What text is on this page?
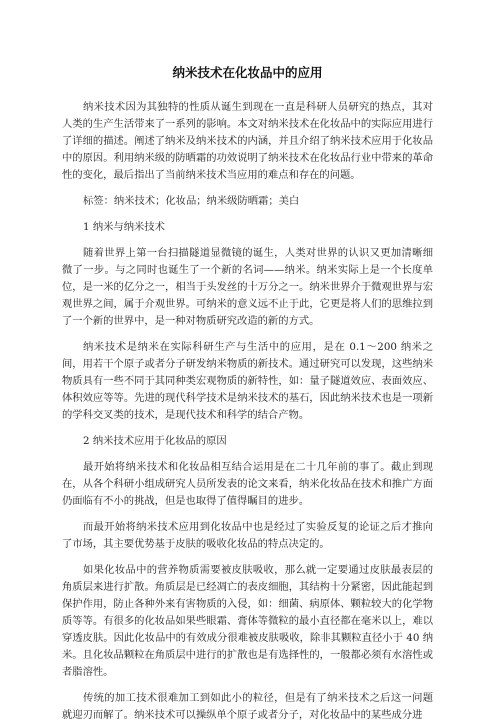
纳米技术在化妆品中的应用

纳米技术因为其独特的性质从诞生到现在一直是科研人员研究的热点，其对人类的生产生活带来了一系列的影响。本文对纳米技术在化妆品中的实际应用进行了详细的描述。阐述了纳米及纳米技术的内涵，并且介绍了纳米技术应用于化妆品中的原因。利用纳米级的防晒霜的功效说明了纳米技术在化妆品行业中带来的革命性的变化，最后指出了当前纳米技术当应用的难点和存在的问题。

标签：纳米技术；化妆品；纳米级防晒霜；美白

1 纳米与纳米技术

随着世界上第一台扫描隧道显微镜的诞生，人类对世界的认识又更加清晰细微了一步。与之同时也诞生了一个新的名词——纳米。纳米实际上是一个长度单位，是一米的亿分之一，相当于头发丝的十万分之一。纳米世界介于微观世界与宏观世界之间，属于介观世界。可纳米的意义远不止于此，它更是将人们的思维拉到了一个新的世界中，是一种对物质研究改造的新的方式。

纳米技术是纳米在实际科研生产与生活中的应用，是在 0.1～200 纳米之间，用若干个原子或者分子研发纳米物质的新技术。通过研究可以发现，这些纳米物质具有一些不同于其同种类宏观物质的新特性，如：量子隧道效应、表面效应、体积效应等等。先进的现代科学技术是纳米技术的基石，因此纳米技术也是一项新的学科交叉类的技术，是现代技术和科学的结合产物。

2 纳米技术应用于化妆品的原因

最开始将纳米技术和化妆品相互结合运用是在二十几年前的事了。截止到现在，从各个科研小组成研究人员所发表的论文来看，纳米化妆品在技术和推广方面仍面临有不小的挑战，但是也取得了值得瞩目的进步。

而最开始将纳米技术应用到化妆品中也是经过了实验反复的论证之后才推向了市场，其主要优势基于皮肤的吸收化妆品的特点决定的。

如果化妆品中的营养物质需要被皮肤吸收，那么就一定要通过皮肤最表层的角质层来进行扩散。角质层是已经凋亡的表皮细胞，其结构十分紧密，因此能起到保护作用，防止各种外来有害物质的入侵，如：细菌、病原体、颗粒较大的化学物质等等。有很多的化妆品如果些眼霜、膏体等微粒的最小直径都在毫米以上，难以穿透皮肤。因此化妆品中的有效成分很难被皮肤吸收，除非其颗粒直径小于 40 纳米。且化妆品颗粒在角质层中进行的扩散也是有选择性的，一般都必须有水溶性或者脂溶性。

传统的加工技术很难加工到如此小的粒径，但是有了纳米技术之后这一问题就迎刃而解了。纳米技术可以操纵单个原子或者分子，对化妆品中的某些成分进
